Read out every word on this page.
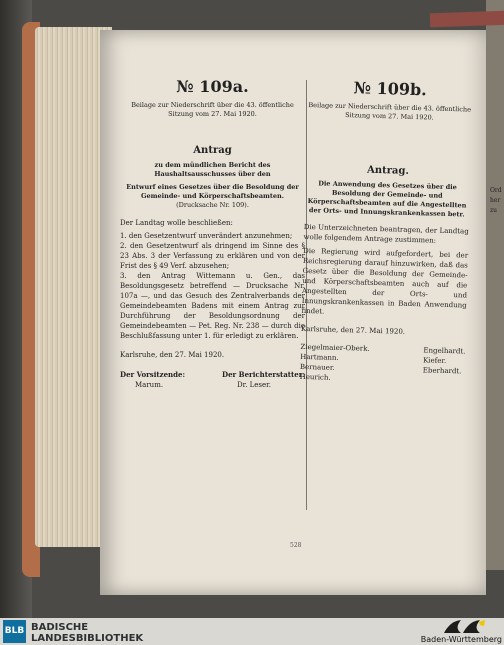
№ 109a.
Beilage zur Niederschrift über die 43. öffentliche Sitzung vom 27. Mai 1920.
Antrag
zu dem mündlichen Bericht des Haushaltsausschusses über den
Entwurf eines Gesetzes über die Besoldung der Gemeinde- und Körperschaftsbeamten.
(Drucksache Nr. 109).
Der Landtag wolle beschließen:
1. den Gesetzentwurf unverändert anzunehmen;
2. den Gesetzentwurf als dringend im Sinne des § 23 Abs. 3 der Verfassung zu erklären und von der Frist des § 49 Verf. abzusehen;
3. den Antrag Wittemann u. Gen., das Besoldungsgesetz betreffend — Drucksache Nr. 107a —, und das Gesuch des Zentralverbands der Gemeindebeamten Badens mit einem Antrag zur Durchführung der Besoldungsordnung der Gemeindebeamten — Pet. Reg. Nr. 238 — durch die Beschlußfassung unter 1. für erledigt zu erklären.
Karlsruhe, den 27. Mai 1920.
Der Vorsitzende:
Marum.
Der Berichterstatter:
Dr. Leser.
№ 109b.
Beilage zur Niederschrift über die 43. öffentliche Sitzung vom 27. Mai 1920.
Antrag.
Die Anwendung des Gesetzes über die Besoldung der Gemeinde- und Körperschaftsbeamten auf die Angestellten der Orts- und Innungskrankenkassen betr.
Die Unterzeichneten beantragen, der Landtag wolle folgendem Antrage zustimmen:
Die Regierung wird aufgefordert, bei der Reichsregierung darauf hinzuwirken, daß das Gesetz über die Besoldung der Gemeinde- und Körperschaftsbeamten auch auf die Angestellten der Orts- und Innungskrankenkassen in Baden Anwendung findet.
Karlsruhe, den 27. Mai 1920.
Ziegelmaier-Oberk.
Hartmann.
Bernauer.
Heurich.
Engelhardt.
Kiefer.
Eberhardt.
Ord
her
zu
528
BLB BADISCHE
LANDESBIBLIOTHEK	Baden-Württemberg
